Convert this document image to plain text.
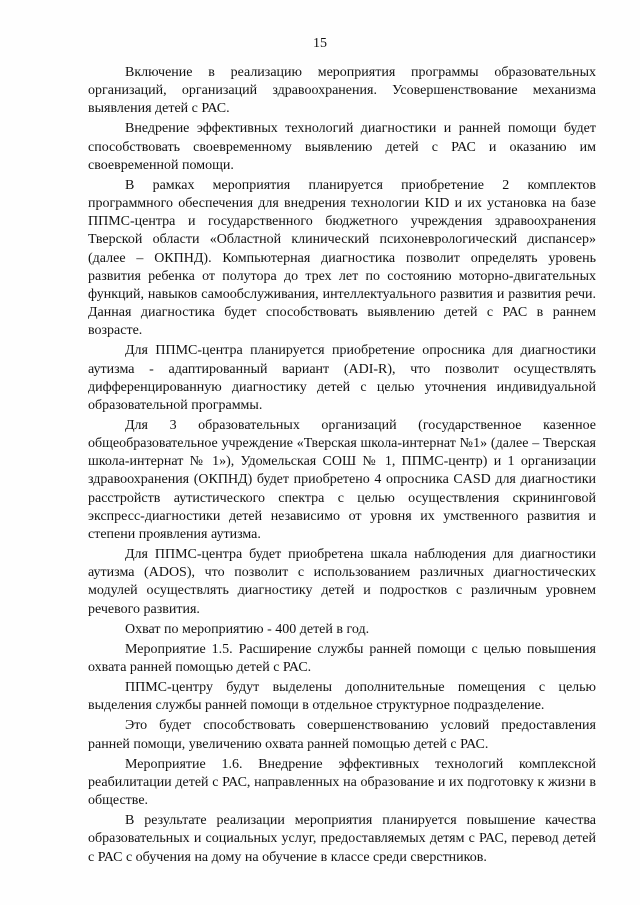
15

Включение в реализацию мероприятия программы образовательных организаций, организаций здравоохранения. Усовершенствование механизма выявления детей с РАС.

Внедрение эффективных технологий диагностики и ранней помощи будет способствовать своевременному выявлению детей с РАС и оказанию им своевременной помощи.

В рамках мероприятия планируется приобретение 2 комплектов программного обеспечения для внедрения технологии KID и их установка на базе ППМС-центра и государственного бюджетного учреждения здравоохранения Тверской области «Областной клинический психоневрологический диспансер» (далее – ОКПНД). Компьютерная диагностика позволит определять уровень развития ребенка от полутора до трех лет по состоянию моторно-двигательных функций, навыков самообслуживания, интеллектуального развития и развития речи. Данная диагностика будет способствовать выявлению детей с РАС в раннем возрасте.

Для ППМС-центра планируется приобретение опросника для диагностики аутизма - адаптированный вариант (ADI-R), что позволит осуществлять дифференцированную диагностику детей с целью уточнения индивидуальной образовательной программы.

Для 3 образовательных организаций (государственное казенное общеобразовательное учреждение «Тверская школа-интернат №1» (далее – Тверская школа-интернат № 1»), Удомельская СОШ № 1, ППМС-центр) и 1 организации здравоохранения (ОКПНД) будет приобретено 4 опросника CASD для диагностики расстройств аутистического спектра с целью осуществления скрининговой экспресс-диагностики детей независимо от уровня их умственного развития и степени проявления аутизма.

Для ППМС-центра будет приобретена шкала наблюдения для диагностики аутизма (ADOS), что позволит с использованием различных диагностических модулей осуществлять диагностику детей и подростков с различным уровнем речевого развития.

Охват по мероприятию - 400 детей в год.

Мероприятие 1.5. Расширение службы ранней помощи с целью повышения охвата ранней помощью детей с РАС.

ППМС-центру будут выделены дополнительные помещения с целью выделения службы ранней помощи в отдельное структурное подразделение.

Это будет способствовать совершенствованию условий предоставления ранней помощи, увеличению охвата ранней помощью детей с РАС.

Мероприятие 1.6. Внедрение эффективных технологий комплексной реабилитации детей с РАС, направленных на образование и их подготовку к жизни в обществе.

В результате реализации мероприятия планируется повышение качества образовательных и социальных услуг, предоставляемых детям с РАС, перевод детей с РАС с обучения на дому на обучение в классе среди сверстников.
